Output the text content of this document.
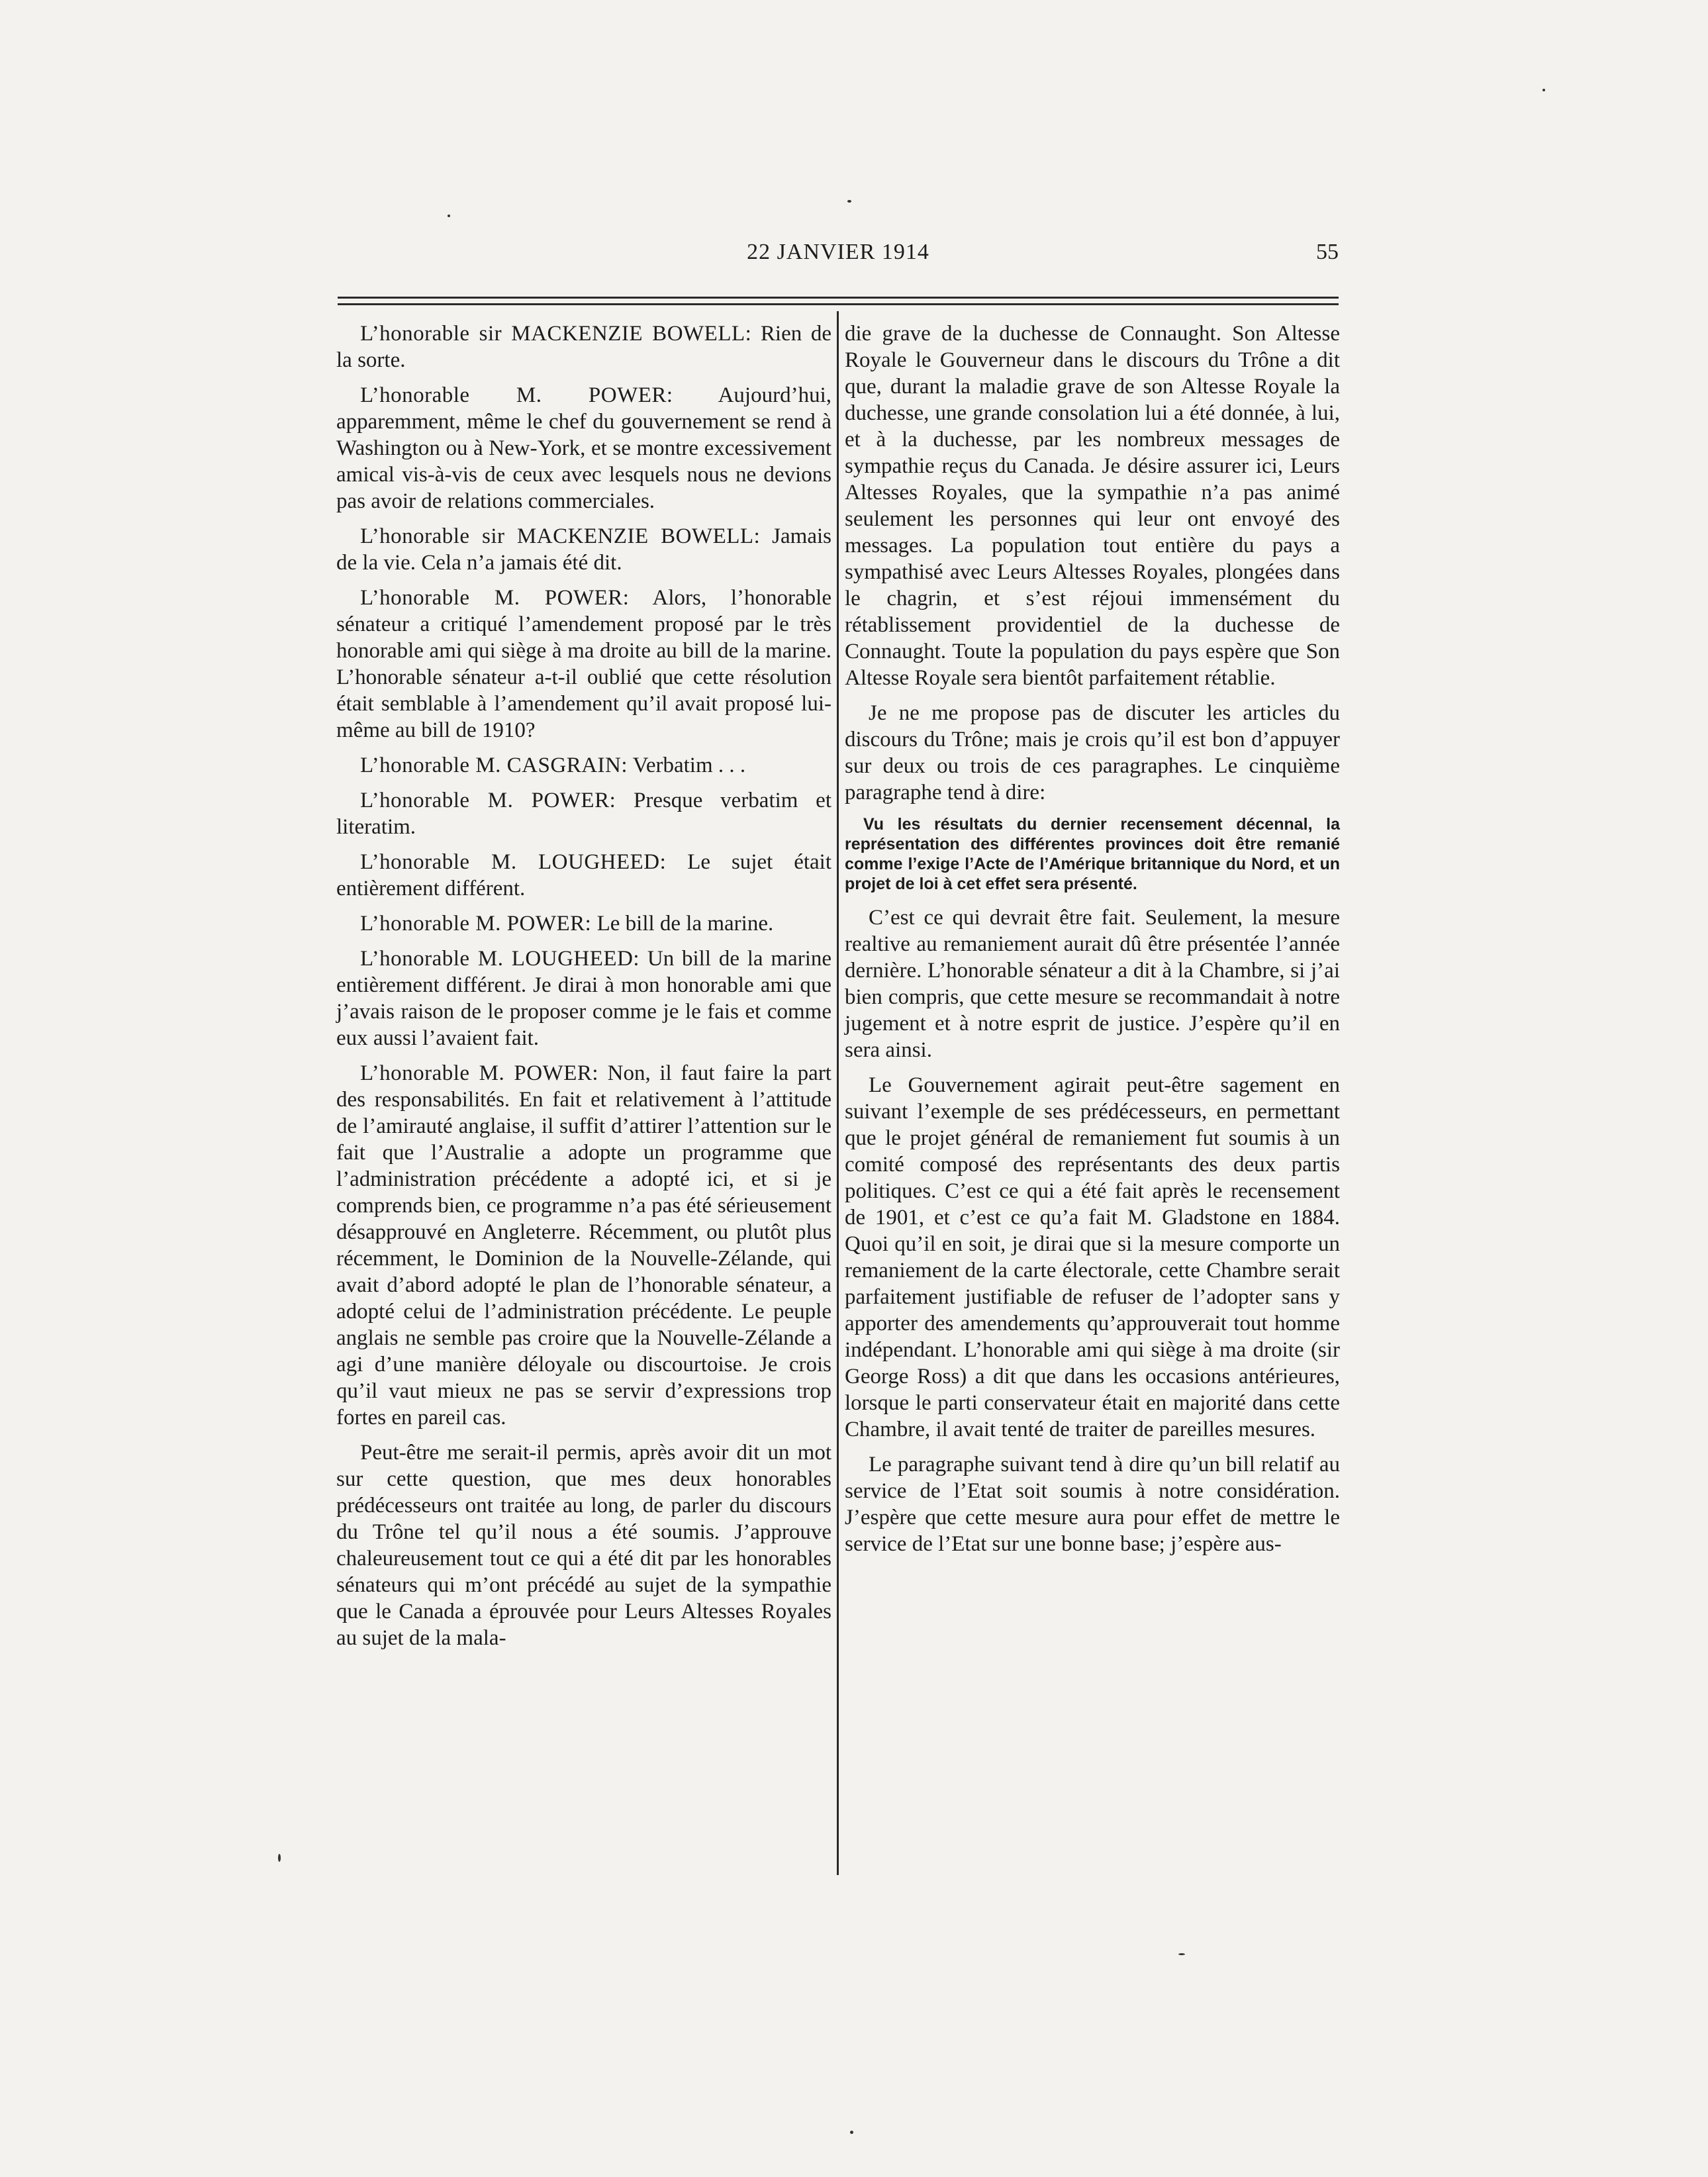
22 JANVIER 1914	55

L’honorable sir MACKENZIE BOWELL: Rien de la sorte.

L’honorable M. POWER: Aujourd’hui, apparemment, même le chef du gouvernement se rend à Washington ou à New-York, et se montre excessivement amical vis-à-vis de ceux avec lesquels nous ne devions pas avoir de relations commerciales.

L’honorable sir MACKENZIE BOWELL: Jamais de la vie. Cela n’a jamais été dit.

L’honorable M. POWER: Alors, l’honorable sénateur a critiqué l’amendement proposé par le très honorable ami qui siège à ma droite au bill de la marine. L’honorable sénateur a-t-il oublié que cette résolution était semblable à l’amendement qu’il avait proposé lui-même au bill de 1910?

L’honorable M. CASGRAIN: Verbatim . . .

L’honorable M. POWER: Presque verbatim et literatim.

L’honorable M. LOUGHEED: Le sujet était entièrement différent.

L’honorable M. POWER: Le bill de la marine.

L’honorable M. LOUGHEED: Un bill de la marine entièrement différent. Je dirai à mon honorable ami que j’avais raison de le proposer comme je le fais et comme eux aussi l’avaient fait.

L’honorable M. POWER: Non, il faut faire la part des responsabilités. En fait et relativement à l’attitude de l’amirauté anglaise, il suffit d’attirer l’attention sur le fait que l’Australie a adopte un programme que l’administration précédente a adopté ici, et si je comprends bien, ce programme n’a pas été sérieusement désapprouvé en Angleterre. Récemment, ou plutôt plus récemment, le Dominion de la Nouvelle-Zélande, qui avait d’abord adopté le plan de l’honorable sénateur, a adopté celui de l’administration précédente. Le peuple anglais ne semble pas croire que la Nouvelle-Zélande a agi d’une manière déloyale ou discourtoise. Je crois qu’il vaut mieux ne pas se servir d’expressions trop fortes en pareil cas.

Peut-être me serait-il permis, après avoir dit un mot sur cette question, que mes deux honorables prédécesseurs ont traitée au long, de parler du discours du Trône tel qu’il nous a été soumis. J’approuve chaleureusement tout ce qui a été dit par les honorables sénateurs qui m’ont précédé au sujet de la sympathie que le Canada a éprouvée pour Leurs Altesses Royales au sujet de la mala-

die grave de la duchesse de Connaught. Son Altesse Royale le Gouverneur dans le discours du Trône a dit que, durant la maladie grave de son Altesse Royale la duchesse, une grande consolation lui a été donnée, à lui, et à la duchesse, par les nombreux messages de sympathie reçus du Canada. Je désire assurer ici, Leurs Altesses Royales, que la sympathie n’a pas animé seulement les personnes qui leur ont envoyé des messages. La population tout entière du pays a sympathisé avec Leurs Altesses Royales, plongées dans le chagrin, et s’est réjoui immensément du rétablissement providentiel de la duchesse de Connaught. Toute la population du pays espère que Son Altesse Royale sera bientôt parfaitement rétablie.

Je ne me propose pas de discuter les articles du discours du Trône; mais je crois qu’il est bon d’appuyer sur deux ou trois de ces paragraphes. Le cinquième paragraphe tend à dire:

Vu les résultats du dernier recensement décennal, la représentation des différentes provinces doit être remanié comme l’exige l’Acte de l’Amérique britannique du Nord, et un projet de loi à cet effet sera présenté.

C’est ce qui devrait être fait. Seulement, la mesure realtive au remaniement aurait dû être présentée l’année dernière. L’honorable sénateur a dit à la Chambre, si j’ai bien compris, que cette mesure se recommandait à notre jugement et à notre esprit de justice. J’espère qu’il en sera ainsi.

Le Gouvernement agirait peut-être sagement en suivant l’exemple de ses prédécesseurs, en permettant que le projet général de remaniement fut soumis à un comité composé des représentants des deux partis politiques. C’est ce qui a été fait après le recensement de 1901, et c’est ce qu’a fait M. Gladstone en 1884. Quoi qu’il en soit, je dirai que si la mesure comporte un remaniement de la carte électorale, cette Chambre serait parfaitement justifiable de refuser de l’adopter sans y apporter des amendements qu’approuverait tout homme indépendant. L’honorable ami qui siège à ma droite (sir George Ross) a dit que dans les occasions antérieures, lorsque le parti conservateur était en majorité dans cette Chambre, il avait tenté de traiter de pareilles mesures.

Le paragraphe suivant tend à dire qu’un bill relatif au service de l’Etat soit soumis à notre considération. J’espère que cette mesure aura pour effet de mettre le service de l’Etat sur une bonne base; j’espère aus-
